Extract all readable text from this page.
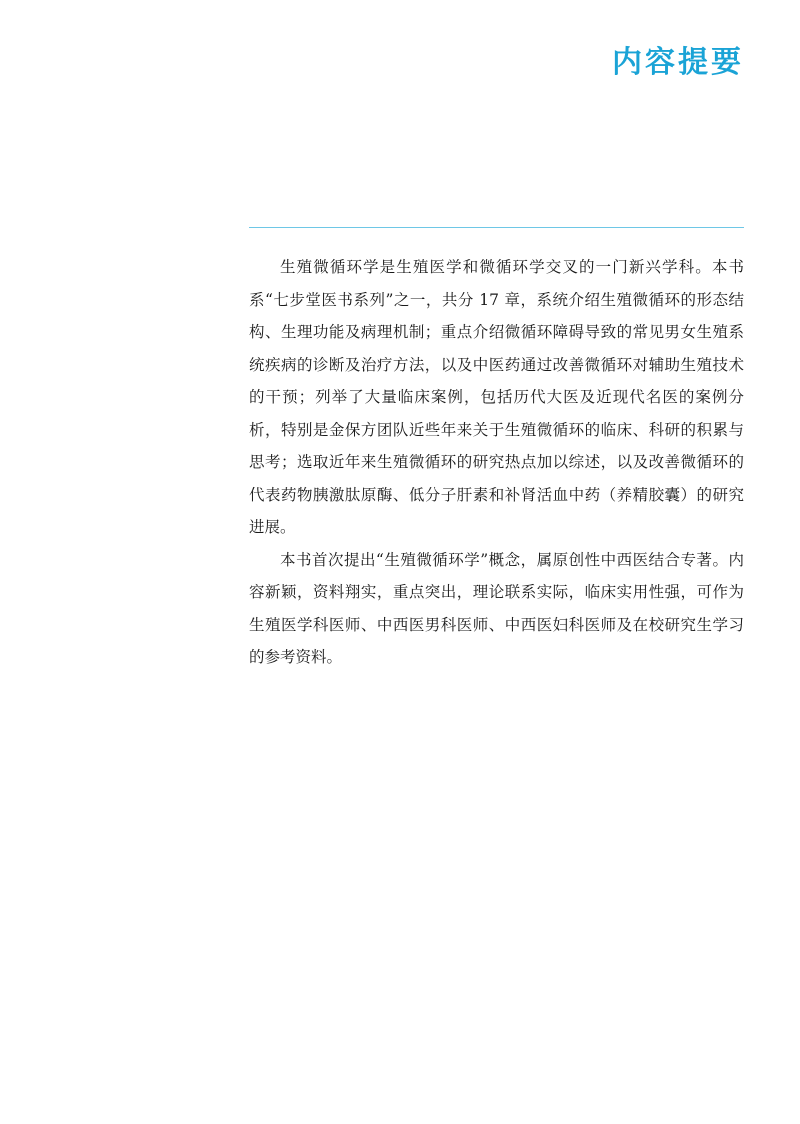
内容提要

生殖微循环学是生殖医学和微循环学交叉的一门新兴学科。本书系“七步堂医书系列”之一，共分 17 章，系统介绍生殖微循环的形态结构、生理功能及病理机制；重点介绍微循环障碍导致的常见男女生殖系统疾病的诊断及治疗方法，以及中医药通过改善微循环对辅助生殖技术的干预；列举了大量临床案例，包括历代大医及近现代名医的案例分析，特别是金保方团队近些年来关于生殖微循环的临床、科研的积累与思考；选取近年来生殖微循环的研究热点加以综述，以及改善微循环的代表药物胰激肽原酶、低分子肝素和补肾活血中药（养精胶囊）的研究进展。

本书首次提出“生殖微循环学”概念，属原创性中西医结合专著。内容新颖，资料翔实，重点突出，理论联系实际，临床实用性强，可作为生殖医学科医师、中西医男科医师、中西医妇科医师及在校研究生学习的参考资料。
